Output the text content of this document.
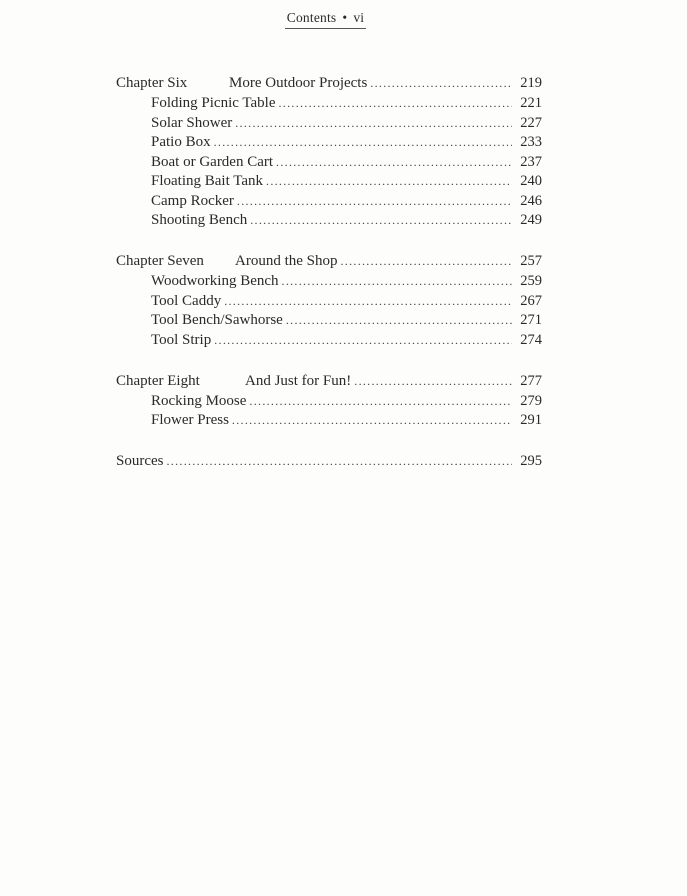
Contents • vi
Chapter Six	More Outdoor Projects .....	219
Folding Picnic Table .....	221
Solar Shower .....	227
Patio Box .....	233
Boat or Garden Cart .....	237
Floating Bait Tank .....	240
Camp Rocker .....	246
Shooting Bench .....	249
Chapter Seven Around the Shop .....	257
Woodworking Bench .....	259
Tool Caddy .....	267
Tool Bench/Sawhorse .....	271
Tool Strip .....	274
Chapter Eight	And Just for Fun! .....	277
Rocking Moose .....	279
Flower Press .....	291
Sources .....	295
